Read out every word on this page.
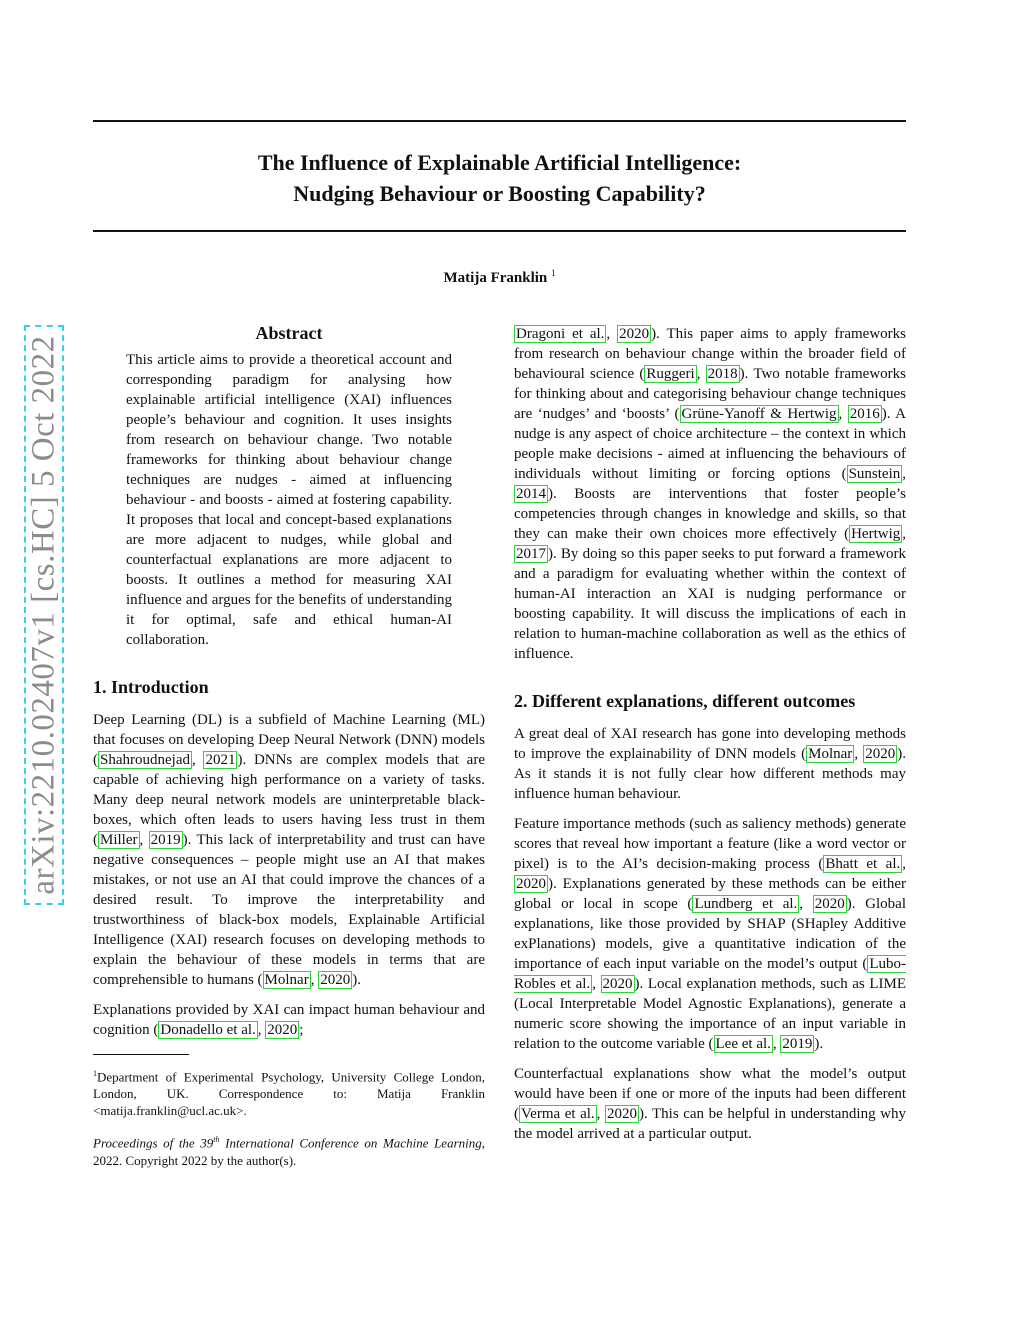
arXiv:2210.02407v1 [cs.HC] 5 Oct 2022
The Influence of Explainable Artificial Intelligence:
Nudging Behaviour or Boosting Capability?
Matija Franklin $^1$
Abstract

This article aims to provide a theoretical account and corresponding paradigm for analysing how explainable artificial intelligence (XAI) influences people’s behaviour and cognition. It uses insights from research on behaviour change. Two notable frameworks for thinking about behaviour change techniques are nudges - aimed at influencing behaviour - and boosts - aimed at fostering capability. It proposes that local and concept-based explanations are more adjacent to nudges, while global and counterfactual explanations are more adjacent to boosts. It outlines a method for measuring XAI influence and argues for the benefits of understanding it for optimal, safe and ethical human-AI collaboration.

1. Introduction

Deep Learning (DL) is a subfield of Machine Learning (ML) that focuses on developing Deep Neural Network (DNN) models ( Shahroudnejad , 2021 ). DNNs are complex models that are capable of achieving high performance on a variety of tasks. Many deep neural network models are uninterpretable black-boxes, which often leads to users having less trust in them ( Miller , 2019 ). This lack of interpretability and trust can have negative consequences – people might use an AI that makes mistakes, or not use an AI that could improve the chances of a desired result. To improve the interpretability and trustworthiness of black-box models, Explainable Artificial Intelligence (XAI) research focuses on developing methods to explain the behaviour of these models in terms that are comprehensible to humans ( Molnar , 2020 ).

Explanations provided by XAI can impact human behaviour and cognition ( Donadello et al. , 2020 ;

$^1$Department of Experimental Psychology, University College London, London, UK. Correspondence to: Matija Franklin <matija.franklin@ucl.ac.uk>.
Proceedings of the 39th International Conference on Machine Learning, 2022. Copyright 2022 by the author(s).

Dragoni et al. , 2020 ). This paper aims to apply frameworks from research on behaviour change within the broader field of behavioural science ( Ruggeri , 2018 ). Two notable frameworks for thinking about and categorising behaviour change techniques are ‘nudges’ and ‘boosts’ ( Grüne-Yanoff & Hertwig , 2016 ). A nudge is any aspect of choice architecture – the context in which people make decisions - aimed at influencing the behaviours of individuals without limiting or forcing options ( Sunstein , 2014 ). Boosts are interventions that foster people’s competencies through changes in knowledge and skills, so that they can make their own choices more effectively ( Hertwig , 2017 ). By doing so this paper seeks to put forward a framework and a paradigm for evaluating whether within the context of human-AI interaction an XAI is nudging performance or boosting capability. It will discuss the implications of each in relation to human-machine collaboration as well as the ethics of influence.

2. Different explanations, different outcomes

A great deal of XAI research has gone into developing methods to improve the explainability of DNN models ( Molnar , 2020 ). As it stands it is not fully clear how different methods may influence human behaviour.

Feature importance methods (such as saliency methods) generate scores that reveal how important a feature (like a word vector or pixel) is to the AI’s decision-making process ( Bhatt et al. , 2020 ). Explanations generated by these methods can be either global or local in scope ( Lundberg et al. , 2020 ). Global explanations, like those provided by SHAP (SHapley Additive exPlanations) models, give a quantitative indication of the importance of each input variable on the model’s output ( Lubo-Robles et al. , 2020 ). Local explanation methods, such as LIME (Local Interpretable Model Agnostic Explanations), generate a numeric score showing the importance of an input variable in relation to the outcome variable ( Lee et al. , 2019 ).

Counterfactual explanations show what the model’s output would have been if one or more of the inputs had been different ( Verma et al. , 2020 ). This can be helpful in understanding why the model arrived at a particular output.
